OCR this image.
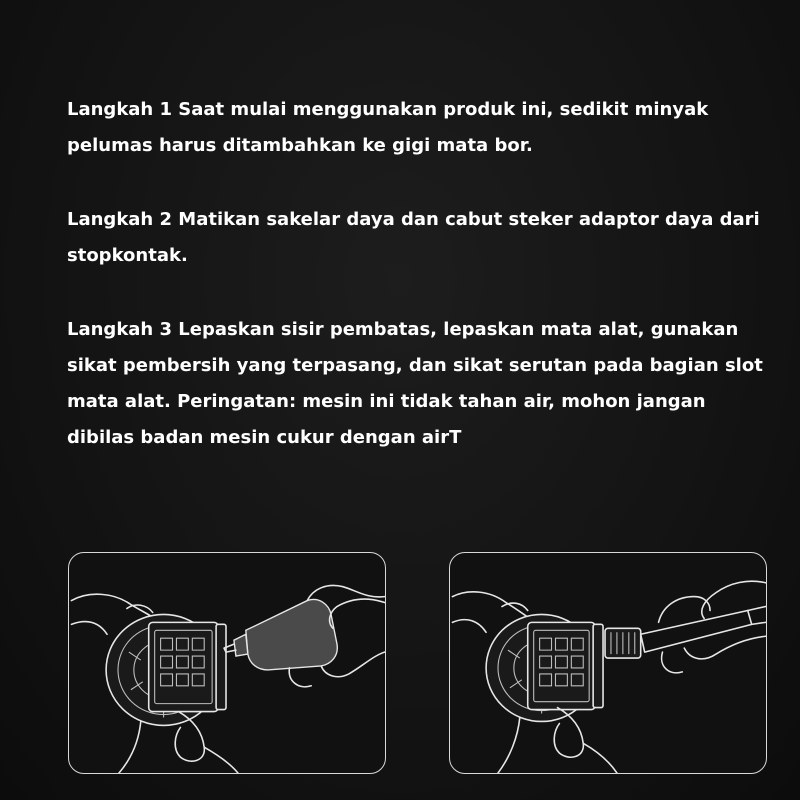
Langkah 1 Saat mulai menggunakan produk ini, sedikit minyak pelumas harus ditambahkan ke gigi mata bor.

Langkah 2 Matikan sakelar daya dan cabut steker adaptor daya dari stopkontak.

Langkah 3 Lepaskan sisir pembatas, lepaskan mata alat, gunakan sikat pembersih yang terpasang, dan sikat serutan pada bagian slot mata alat. Peringatan: mesin ini tidak tahan air, mohon jangan dibilas badan mesin cukur dengan airT
